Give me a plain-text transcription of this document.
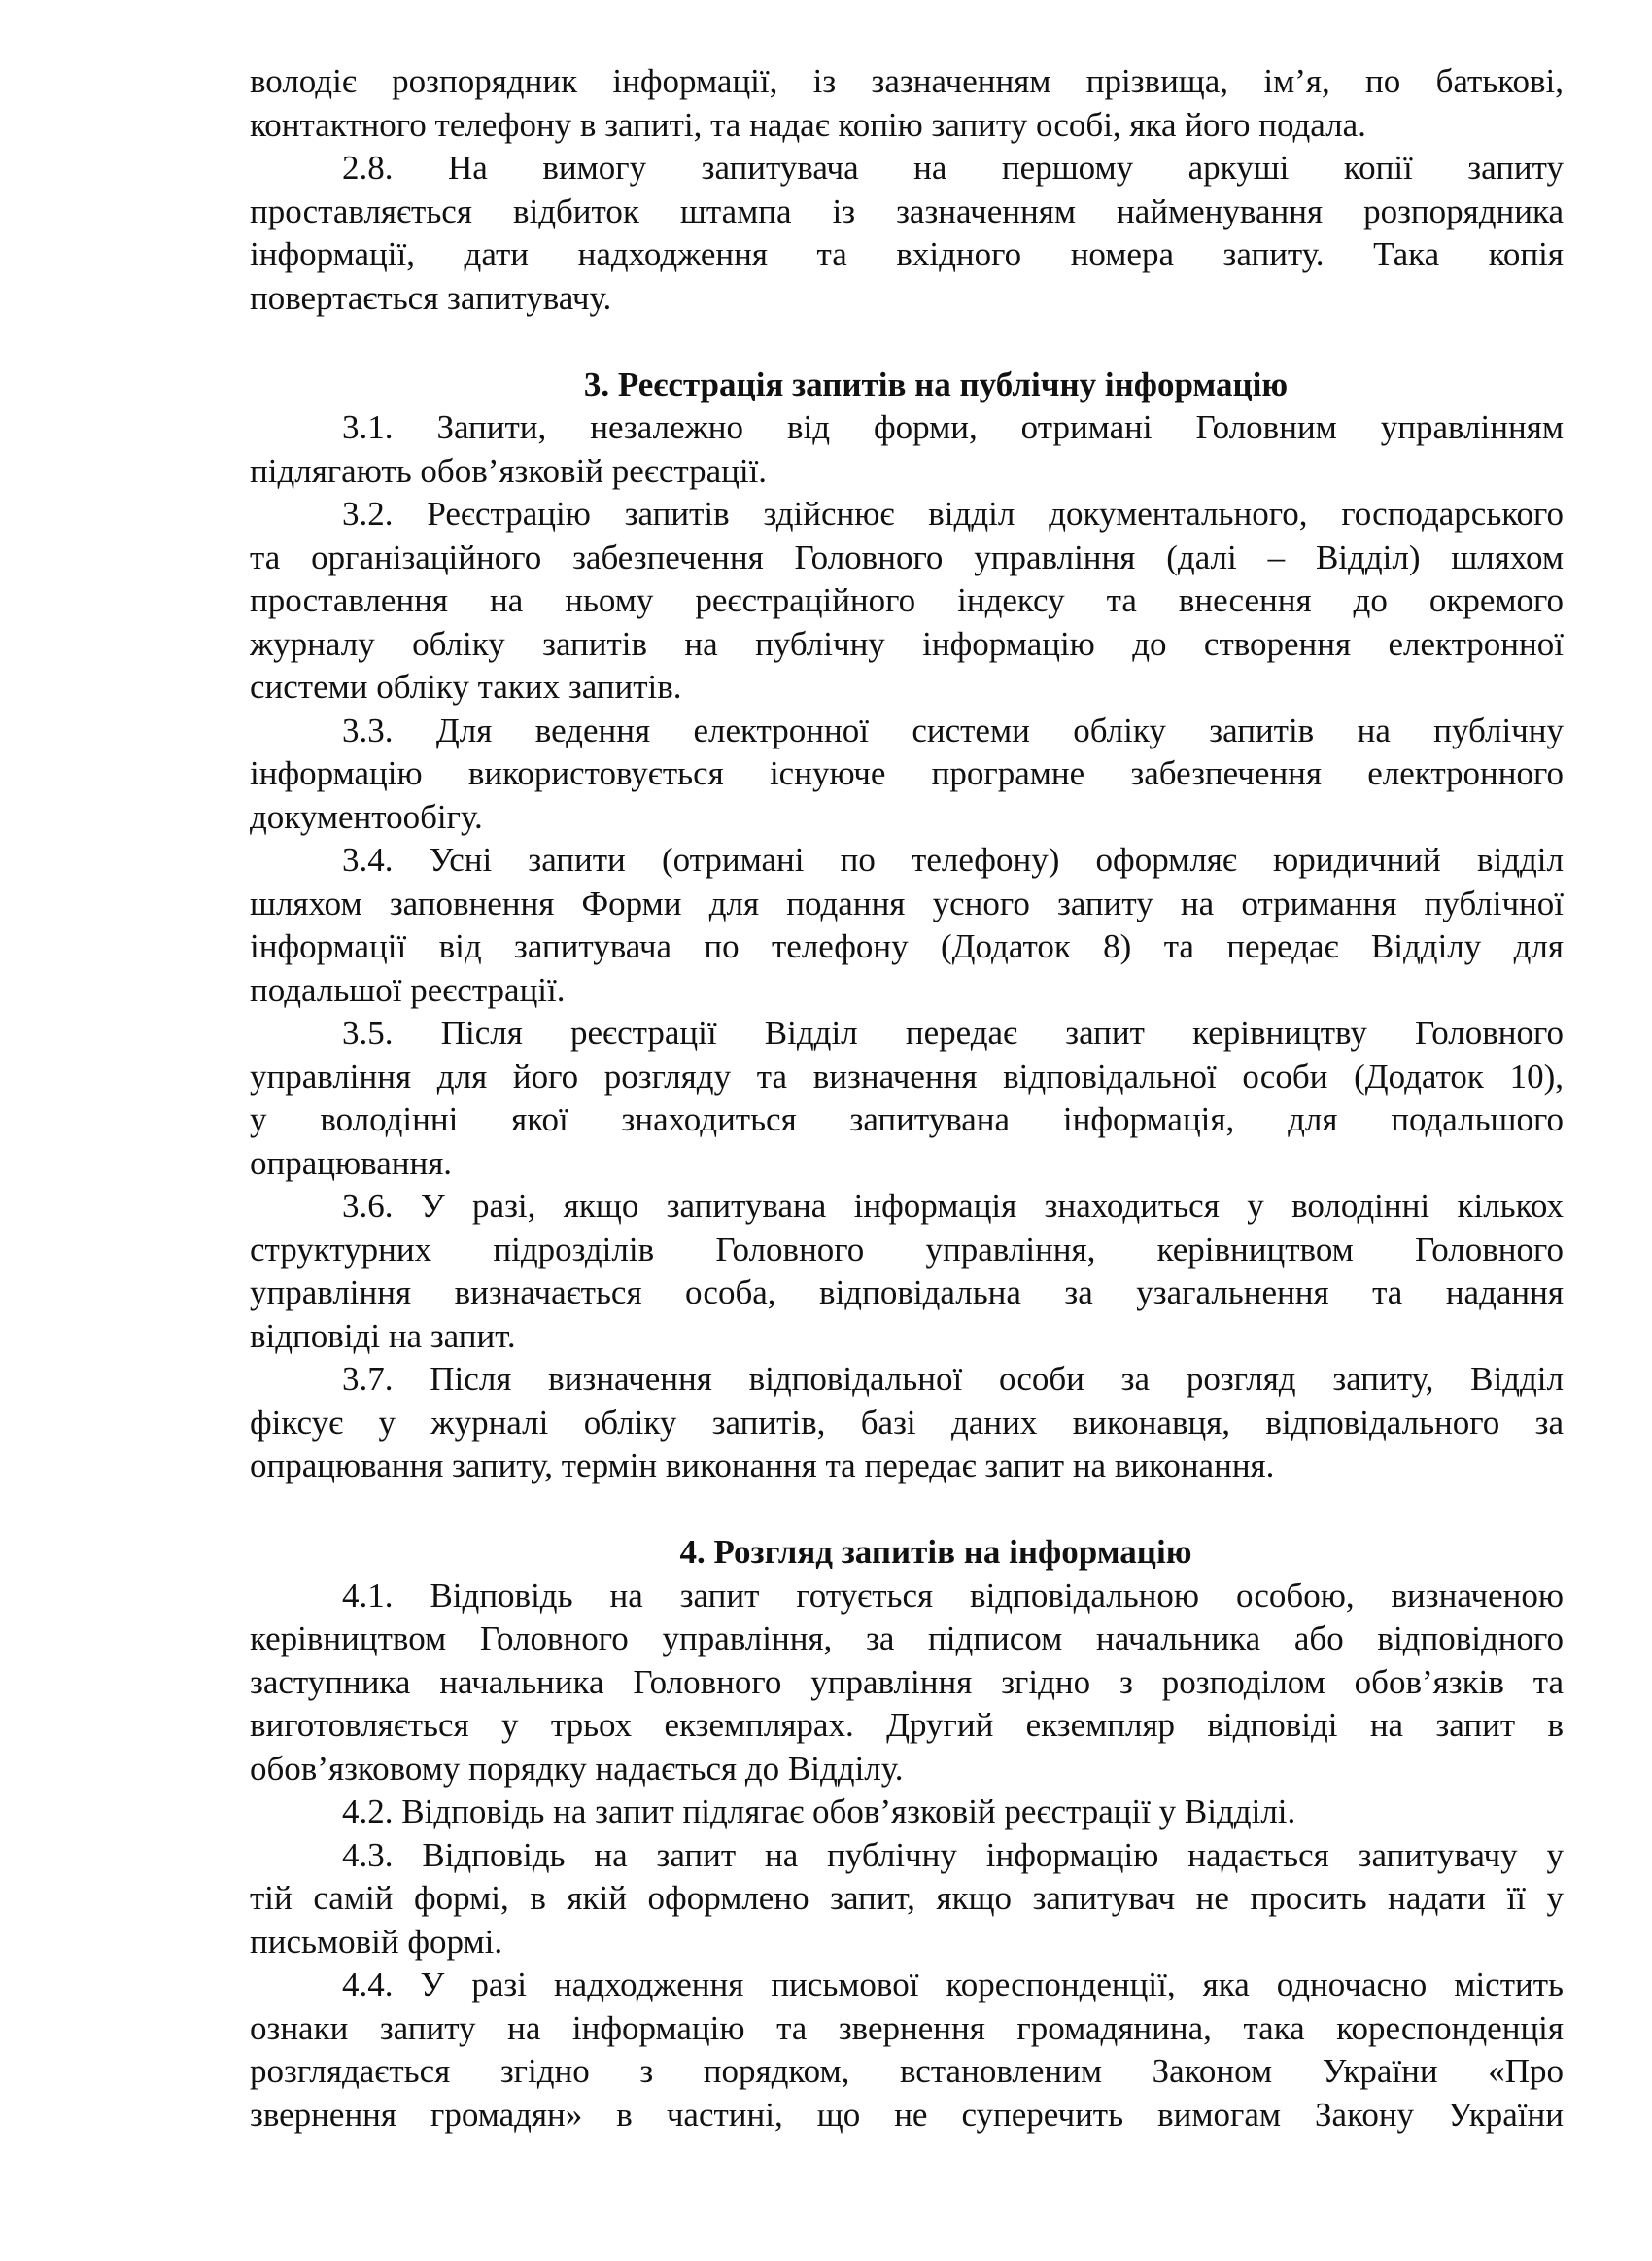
володіє розпорядник інформації, із зазначенням прізвища, ім’я, по батькові,
контактного телефону в запиті, та надає копію запиту особі, яка його подала.
2.8. На вимогу запитувача на першому аркуші копії запиту
проставляється відбиток штампа із зазначенням найменування розпорядника
інформації, дати надходження та вхідного номера запиту. Така копія
повертається запитувачу.
3. Реєстрація запитів на публічну інформацію
3.1. Запити, незалежно від форми, отримані Головним управлінням
підлягають обов’язковій реєстрації.
3.2. Реєстрацію запитів здійснює відділ документального, господарського
та організаційного забезпечення Головного управління (далі – Відділ) шляхом
проставлення на ньому реєстраційного індексу та внесення до окремого
журналу обліку запитів на публічну інформацію до створення електронної
системи обліку таких запитів.
3.3. Для ведення електронної системи обліку запитів на публічну
інформацію використовується існуюче програмне забезпечення електронного
документообігу.
3.4. Усні запити (отримані по телефону) оформляє юридичний відділ
шляхом заповнення Форми для подання усного запиту на отримання публічної
інформації від запитувача по телефону (Додаток 8) та передає Відділу для
подальшої реєстрації.
3.5. Після реєстрації Відділ передає запит керівництву Головного
управління для його розгляду та визначення відповідальної особи (Додаток 10),
у володінні якої знаходиться запитувана інформація, для подальшого
опрацювання.
3.6. У разі, якщо запитувана інформація знаходиться у володінні кількох
структурних підрозділів Головного управління, керівництвом Головного
управління визначається особа, відповідальна за узагальнення та надання
відповіді на запит.
3.7. Після визначення відповідальної особи за розгляд запиту, Відділ
фіксує у журналі обліку запитів, базі даних виконавця, відповідального за
опрацювання запиту, термін виконання та передає запит на виконання.
4. Розгляд запитів на інформацію
4.1. Відповідь на запит готується відповідальною особою, визначеною
керівництвом Головного управління, за підписом начальника або відповідного
заступника начальника Головного управління згідно з розподілом обов’язків та
виготовляється у трьох екземплярах. Другий екземпляр відповіді на запит в
обов’язковому порядку надається до Відділу.
4.2. Відповідь на запит підлягає обов’язковій реєстрації у Відділі.
4.3. Відповідь на запит на публічну інформацію надається запитувачу у
тій самій формі, в якій оформлено запит, якщо запитувач не просить надати її у
письмовій формі.
4.4. У разі надходження письмової кореспонденції, яка одночасно містить
ознаки запиту на інформацію та звернення громадянина, така кореспонденція
розглядається згідно з порядком, встановленим Законом України «Про
звернення громадян» в частині, що не суперечить вимогам Закону України
